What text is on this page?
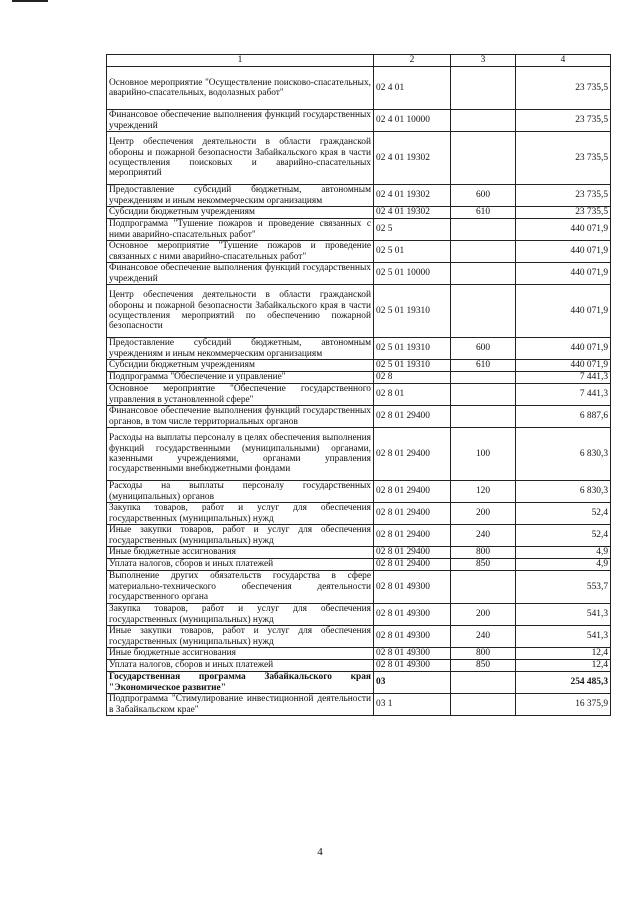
1	2	3	4
Основное мероприятие "Осуществление поисково-спасательных, аварийно-спасательных, водолазных работ"	02 4 01		23 735,5
Финансовое обеспечение выполнения функций государственных учреждений	02 4 01 10000		23 735,5
Центр обеспечения деятельности в области гражданской обороны и пожарной безопасности Забайкальского края в части осуществления поисковых и аварийно-спасательных мероприятий	02 4 01 19302		23 735,5
Предоставление субсидий бюджетным, автономным учреждениям и иным некоммерческим организациям	02 4 01 19302	600	23 735,5
Субсидии бюджетным учреждениям	02 4 01 19302	610	23 735,5
Подпрограмма "Тушение пожаров и проведение связанных с ними аварийно-спасательных работ"	02 5		440 071,9
Основное мероприятие "Тушение пожаров и проведение связанных с ними аварийно-спасательных работ"	02 5 01		440 071,9
Финансовое обеспечение выполнения функций государственных учреждений	02 5 01 10000		440 071,9
Центр обеспечения деятельности в области гражданской обороны и пожарной безопасности Забайкальского края в части осуществления мероприятий по обеспечению пожарной безопасности	02 5 01 19310		440 071,9
Предоставление субсидий бюджетным, автономным учреждениям и иным некоммерческим организациям	02 5 01 19310	600	440 071,9
Субсидии бюджетным учреждениям	02 5 01 19310	610	440 071,9
Подпрограмма "Обеспечение и управление"	02 8		7 441,3
Основное мероприятие "Обеспечение государственного управления в установленной сфере"	02 8 01		7 441,3
Финансовое обеспечение выполнения функций государственных органов, в том числе территориальных органов	02 8 01 29400		6 887,6
Расходы на выплаты персоналу в целях обеспечения выполнения функций государственными (муниципальными) органами, казенными учреждениями, органами управления государственными внебюджетными фондами	02 8 01 29400	100	6 830,3
Расходы на выплаты персоналу государственных (муниципальных) органов	02 8 01 29400	120	6 830,3
Закупка товаров, работ и услуг для обеспечения государственных (муниципальных) нужд	02 8 01 29400	200	52,4
Иные закупки товаров, работ и услуг для обеспечения государственных (муниципальных) нужд	02 8 01 29400	240	52,4
Иные бюджетные ассигнования	02 8 01 29400	800	4,9
Уплата налогов, сборов и иных платежей	02 8 01 29400	850	4,9
Выполнение других обязательств государства в сфере материально-технического обеспечения деятельности государственного органа	02 8 01 49300		553,7
Закупка товаров, работ и услуг для обеспечения государственных (муниципальных) нужд	02 8 01 49300	200	541,3
Иные закупки товаров, работ и услуг для обеспечения государственных (муниципальных) нужд	02 8 01 49300	240	541,3
Иные бюджетные ассигнования	02 8 01 49300	800	12,4
Уплата налогов, сборов и иных платежей	02 8 01 49300	850	12,4
Государственная программа Забайкальского края "Экономическое развитие"	03		254 485,3
Подпрограмма "Стимулирование инвестиционной деятельности в Забайкальском крае"	03 1		16 375,9
4
